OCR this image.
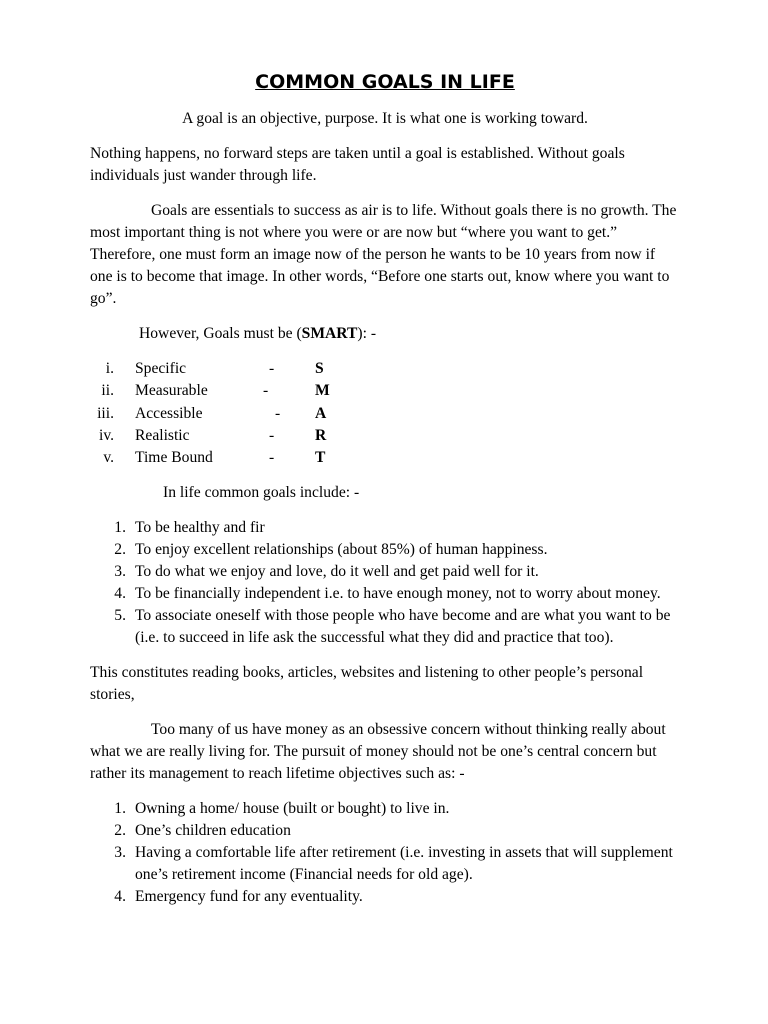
COMMON GOALS IN LIFE

A goal is an objective, purpose. It is what one is working toward.

Nothing happens, no forward steps are taken until a goal is established. Without goals individuals just wander through life.

Goals are essentials to success as air is to life. Without goals there is no growth. The most important thing is not where you were or are now but “where you want to get.” Therefore, one must form an image now of the person he wants to be 10 years from now if one is to become that image. In other words, “Before one starts out, know where you want to go”.

However, Goals must be (SMART): -

i. Specific	-	S
ii. Measurable	-	M
iii. Accessible	-	A
iv. Realistic	-	R
v. Time Bound	-	T

In life common goals include: -

1. To be healthy and fir
2. To enjoy excellent relationships (about 85%) of human happiness.
3. To do what we enjoy and love, do it well and get paid well for it.
4. To be financially independent i.e. to have enough money, not to worry about money.
5. To associate oneself with those people who have become and are what you want to be (i.e. to succeed in life ask the successful what they did and practice that too).

This constitutes reading books, articles, websites and listening to other people’s personal stories,

Too many of us have money as an obsessive concern without thinking really about what we are really living for. The pursuit of money should not be one’s central concern but rather its management to reach lifetime objectives such as: -

1. Owning a home/ house (built or bought) to live in.
2. One’s children education
3. Having a comfortable life after retirement (i.e. investing in assets that will supplement one’s retirement income (Financial needs for old age).
4. Emergency fund for any eventuality.
